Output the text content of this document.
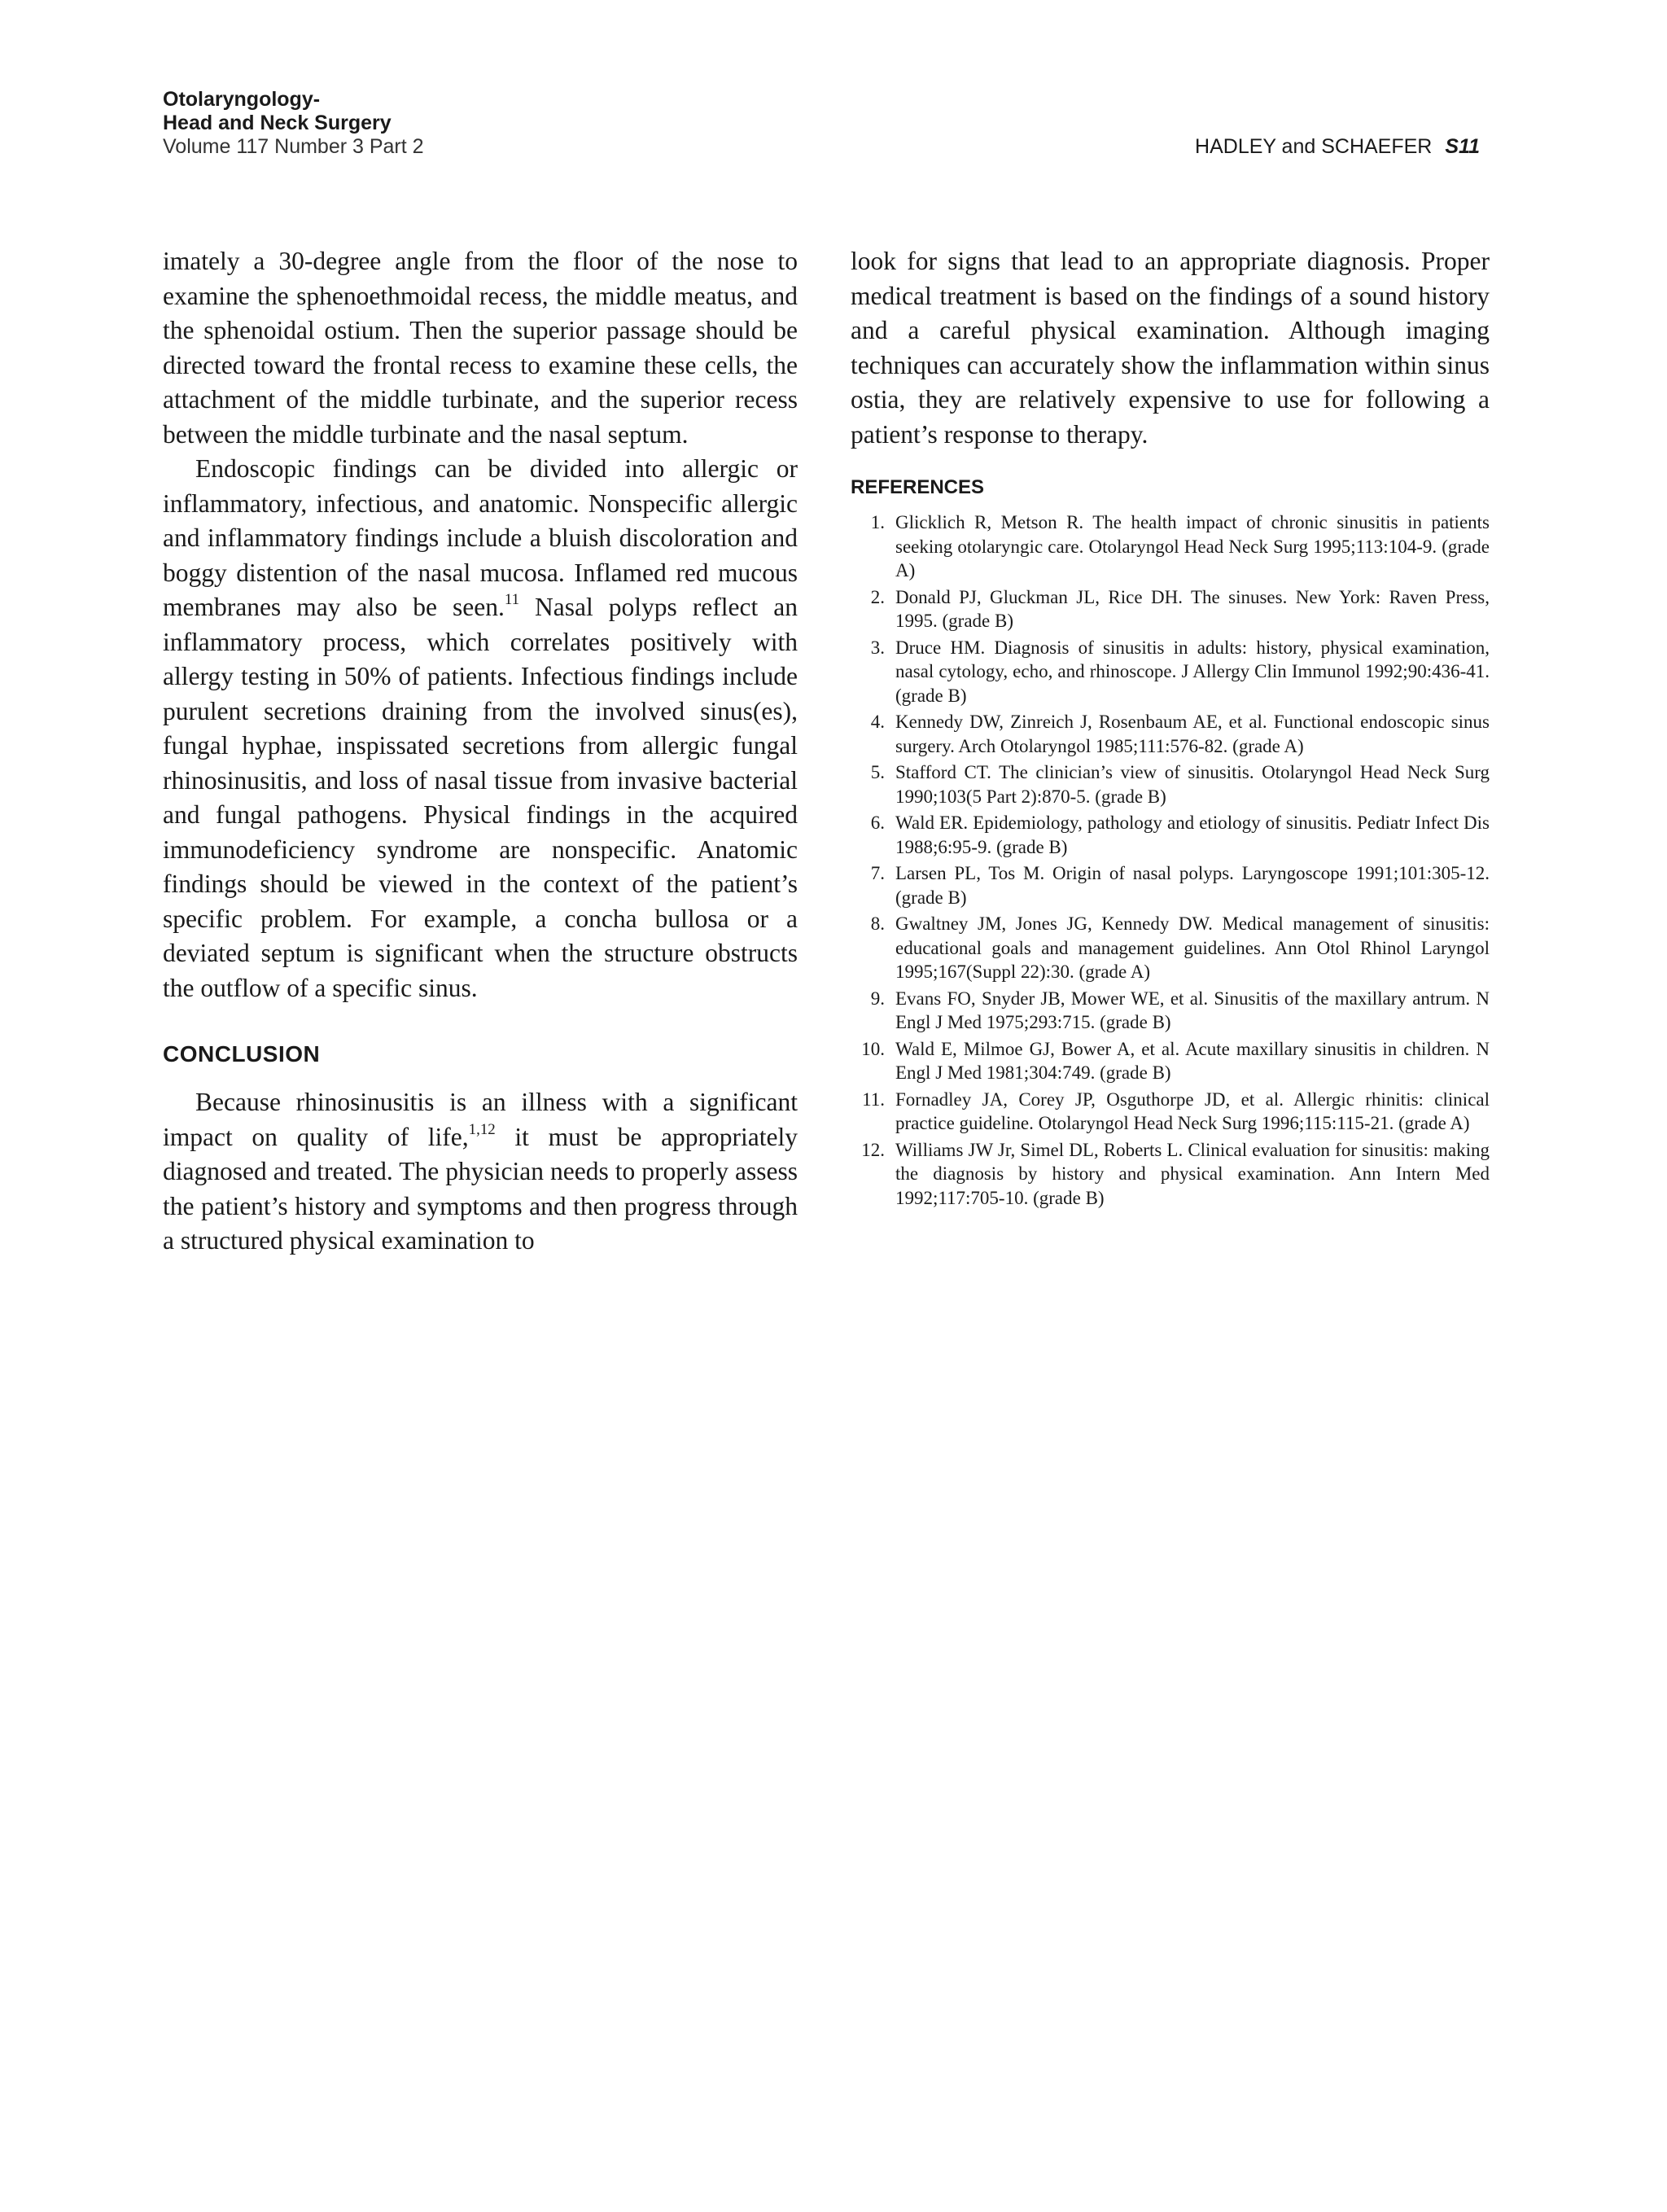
Otolaryngology-
Head and Neck Surgery
Volume 117 Number 3 Part 2	HADLEY and SCHAEFER S11

imately a 30-degree angle from the floor of the nose to examine the sphenoethmoidal recess, the middle meatus, and the sphenoidal ostium. Then the superior passage should be directed toward the frontal recess to examine these cells, the attachment of the middle turbinate, and the superior recess between the middle turbinate and the nasal septum.

Endoscopic findings can be divided into allergic or inflammatory, infectious, and anatomic. Nonspecific allergic and inflammatory findings include a bluish discoloration and boggy distention of the nasal mucosa. Inflamed red mucous membranes may also be seen.$^{11}$ Nasal polyps reflect an inflammatory process, which correlates positively with allergy testing in 50% of patients. Infectious findings include purulent secretions draining from the involved sinus(es), fungal hyphae, inspissated secretions from allergic fungal rhinosinusitis, and loss of nasal tissue from invasive bacterial and fungal pathogens. Physical findings in the acquired immunodeficiency syndrome are nonspecific. Anatomic findings should be viewed in the context of the patient’s specific problem. For example, a concha bullosa or a deviated septum is significant when the structure obstructs the outflow of a specific sinus.

CONCLUSION

Because rhinosinusitis is an illness with a significant impact on quality of life,$^{1,12}$ it must be appropriately diagnosed and treated. The physician needs to properly assess the patient’s history and symptoms and then progress through a structured physical examination to

look for signs that lead to an appropriate diagnosis. Proper medical treatment is based on the findings of a sound history and a careful physical examination. Although imaging techniques can accurately show the inflammation within sinus ostia, they are relatively expensive to use for following a patient’s response to therapy.

REFERENCES
1. Glicklich R, Metson R. The health impact of chronic sinusitis in patients seeking otolaryngic care. Otolaryngol Head Neck Surg 1995;113:104-9. (grade A)
2. Donald PJ, Gluckman JL, Rice DH. The sinuses. New York: Raven Press, 1995. (grade B)
3. Druce HM. Diagnosis of sinusitis in adults: history, physical examination, nasal cytology, echo, and rhinoscope. J Allergy Clin Immunol 1992;90:436-41. (grade B)
4. Kennedy DW, Zinreich J, Rosenbaum AE, et al. Functional endoscopic sinus surgery. Arch Otolaryngol 1985;111:576-82. (grade A)
5. Stafford CT. The clinician’s view of sinusitis. Otolaryngol Head Neck Surg 1990;103(5 Part 2):870-5. (grade B)
6. Wald ER. Epidemiology, pathology and etiology of sinusitis. Pediatr Infect Dis 1988;6:95-9. (grade B)
7. Larsen PL, Tos M. Origin of nasal polyps. Laryngoscope 1991;101:305-12. (grade B)
8. Gwaltney JM, Jones JG, Kennedy DW. Medical management of sinusitis: educational goals and management guidelines. Ann Otol Rhinol Laryngol 1995;167(Suppl 22):30. (grade A)
9. Evans FO, Snyder JB, Mower WE, et al. Sinusitis of the maxillary antrum. N Engl J Med 1975;293:715. (grade B)
10. Wald E, Milmoe GJ, Bower A, et al. Acute maxillary sinusitis in children. N Engl J Med 1981;304:749. (grade B)
11. Fornadley JA, Corey JP, Osguthorpe JD, et al. Allergic rhinitis: clinical practice guideline. Otolaryngol Head Neck Surg 1996;115:115-21. (grade A)
12. Williams JW Jr, Simel DL, Roberts L. Clinical evaluation for sinusitis: making the diagnosis by history and physical examination. Ann Intern Med 1992;117:705-10. (grade B)
